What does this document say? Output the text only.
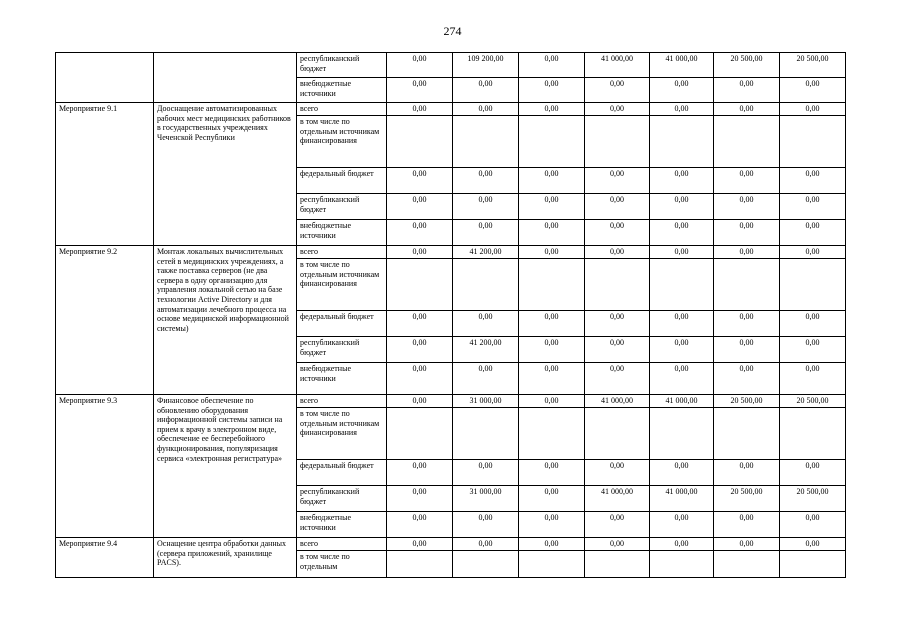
274
		республиканский бюджет	0,00	109 200,00	0,00	41 000,00	41 000,00	20 500,00	20 500,00
		внебюджетные источники	0,00	0,00	0,00	0,00	0,00	0,00	0,00
Мероприятие 9.1	Дооснащение автоматизированных рабочих мест медицинских работников в государственных учреждениях Чеченской Республики	всего	0,00	0,00	0,00	0,00	0,00	0,00	0,00
		в том числе по отдельным источникам финансирования							
		федеральный бюджет	0,00	0,00	0,00	0,00	0,00	0,00	0,00
		республиканский бюджет	0,00	0,00	0,00	0,00	0,00	0,00	0,00
		внебюджетные источники	0,00	0,00	0,00	0,00	0,00	0,00	0,00
Мероприятие 9.2	Монтаж локальных вычислительных сетей в медицинских учреждениях, а также поставка серверов (не два сервера в одну организацию для управления локальной сетью на базе технологии Active Directory и для автоматизации лечебного процесса на основе медицинской информационной системы)	всего	0,00	41 200,00	0,00	0,00	0,00	0,00	0,00
		в том числе по отдельным источникам финансирования							
		федеральный бюджет	0,00	0,00	0,00	0,00	0,00	0,00	0,00
		республиканский бюджет	0,00	41 200,00	0,00	0,00	0,00	0,00	0,00
		внебюджетные источники	0,00	0,00	0,00	0,00	0,00	0,00	0,00
Мероприятие 9.3	Финансовое обеспечение по обновлению оборудования информационной системы записи на прием к врачу в электронном виде, обеспечение ее бесперебойного функционирования, популяризация сервиса «электронная регистратура»	всего	0,00	31 000,00	0,00	41 000,00	41 000,00	20 500,00	20 500,00
		в том числе по отдельным источникам финансирования							
		федеральный бюджет	0,00	0,00	0,00	0,00	0,00	0,00	0,00
		республиканский бюджет	0,00	31 000,00	0,00	41 000,00	41 000,00	20 500,00	20 500,00
		внебюджетные источники	0,00	0,00	0,00	0,00	0,00	0,00	0,00
Мероприятие 9.4	Оснащение центра обработки данных (сервера приложений, хранилище PACS).	всего	0,00	0,00	0,00	0,00	0,00	0,00	0,00
		в том числе по отдельным							
